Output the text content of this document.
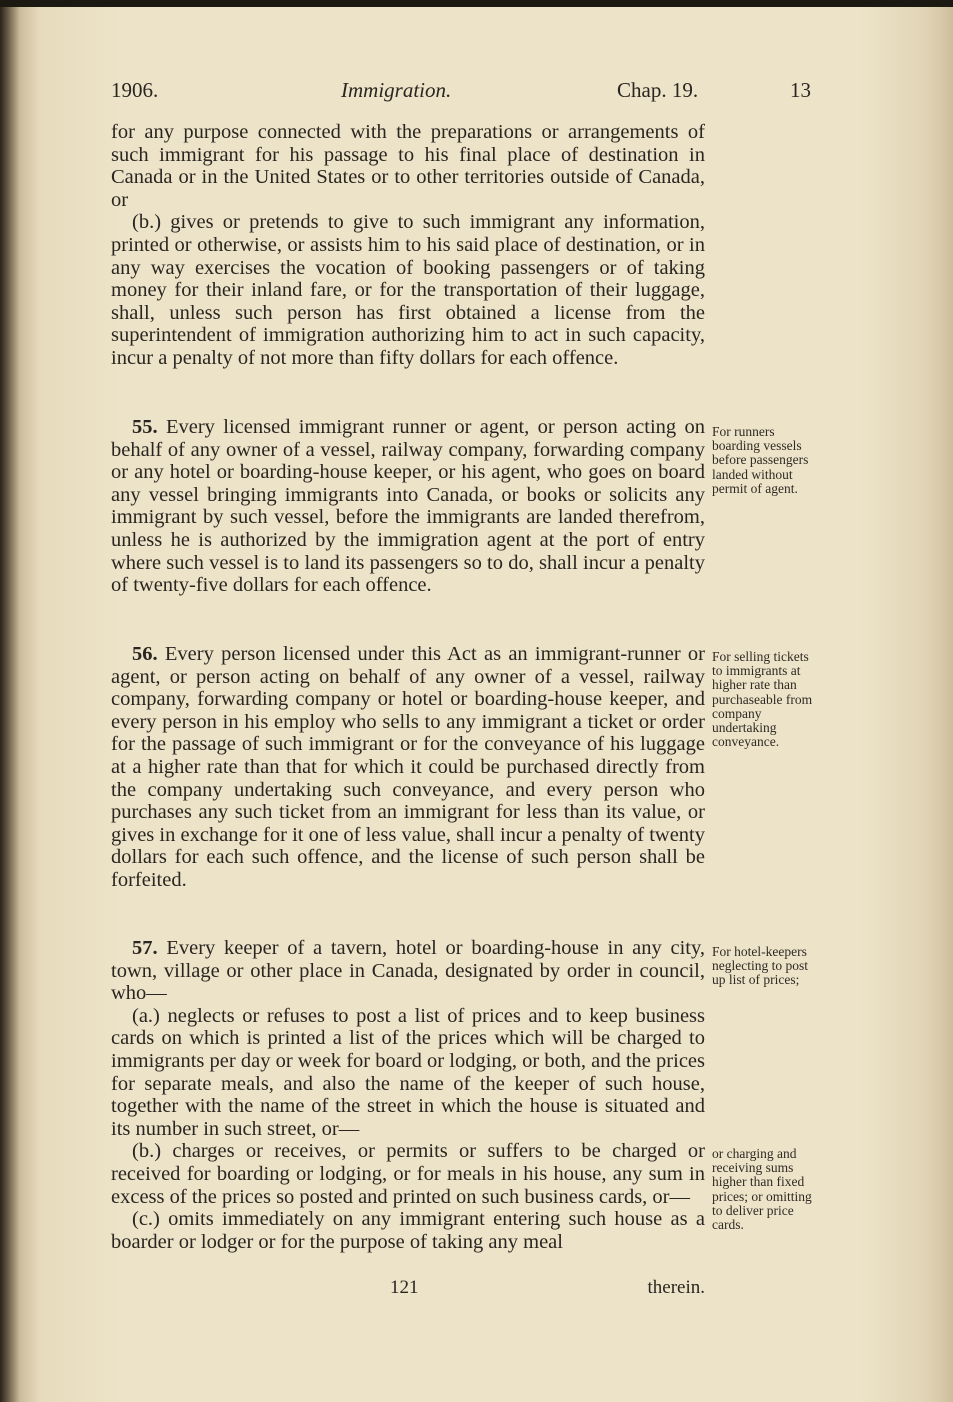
1906.	Immigration.	Chap. 19.	13

for any purpose connected with the preparations or arrangements of such immigrant for his passage to his final place of destination in Canada or in the United States or to other territories outside of Canada, or

(b.) gives or pretends to give to such immigrant any information, printed or otherwise, or assists him to his said place of destination, or in any way exercises the vocation of booking passengers or of taking money for their inland fare, or for the transportation of their luggage, shall, unless such person has first obtained a license from the superintendent of immigration authorizing him to act in such capacity, incur a penalty of not more than fifty dollars for each offence.

55. Every licensed immigrant runner or agent, or person acting on behalf of any owner of a vessel, railway company, forwarding company or any hotel or boarding-house keeper, or his agent, who goes on board any vessel bringing immigrants into Canada, or books or solicits any immigrant by such vessel, before the immigrants are landed therefrom, unless he is authorized by the immigration agent at the port of entry where such vessel is to land its passengers so to do, shall incur a penalty of twenty-five dollars for each offence.

For runners boarding vessels before passengers landed without permit of agent.

56. Every person licensed under this Act as an immigrant-runner or agent, or person acting on behalf of any owner of a vessel, railway company, forwarding company or hotel or boarding-house keeper, and every person in his employ who sells to any immigrant a ticket or order for the passage of such immigrant or for the conveyance of his luggage at a higher rate than that for which it could be purchased directly from the company undertaking such conveyance, and every person who purchases any such ticket from an immigrant for less than its value, or gives in exchange for it one of less value, shall incur a penalty of twenty dollars for each such offence, and the license of such person shall be forfeited.

For selling tickets to immigrants at higher rate than purchaseable from company undertaking conveyance.

57. Every keeper of a tavern, hotel or boarding-house in any city, town, village or other place in Canada, designated by order in council, who—

(a.) neglects or refuses to post a list of prices and to keep business cards on which is printed a list of the prices which will be charged to immigrants per day or week for board or lodging, or both, and the prices for separate meals, and also the name of the keeper of such house, together with the name of the street in which the house is situated and its number in such street, or—

(b.) charges or receives, or permits or suffers to be charged or received for boarding or lodging, or for meals in his house, any sum in excess of the prices so posted and printed on such business cards, or—

(c.) omits immediately on any immigrant entering such house as a boarder or lodger or for the purpose of taking any meal

For hotel-keepers neglecting to post up list of prices;
or charging and receiving sums higher than fixed prices; or omitting to deliver price cards.
121	therein.
